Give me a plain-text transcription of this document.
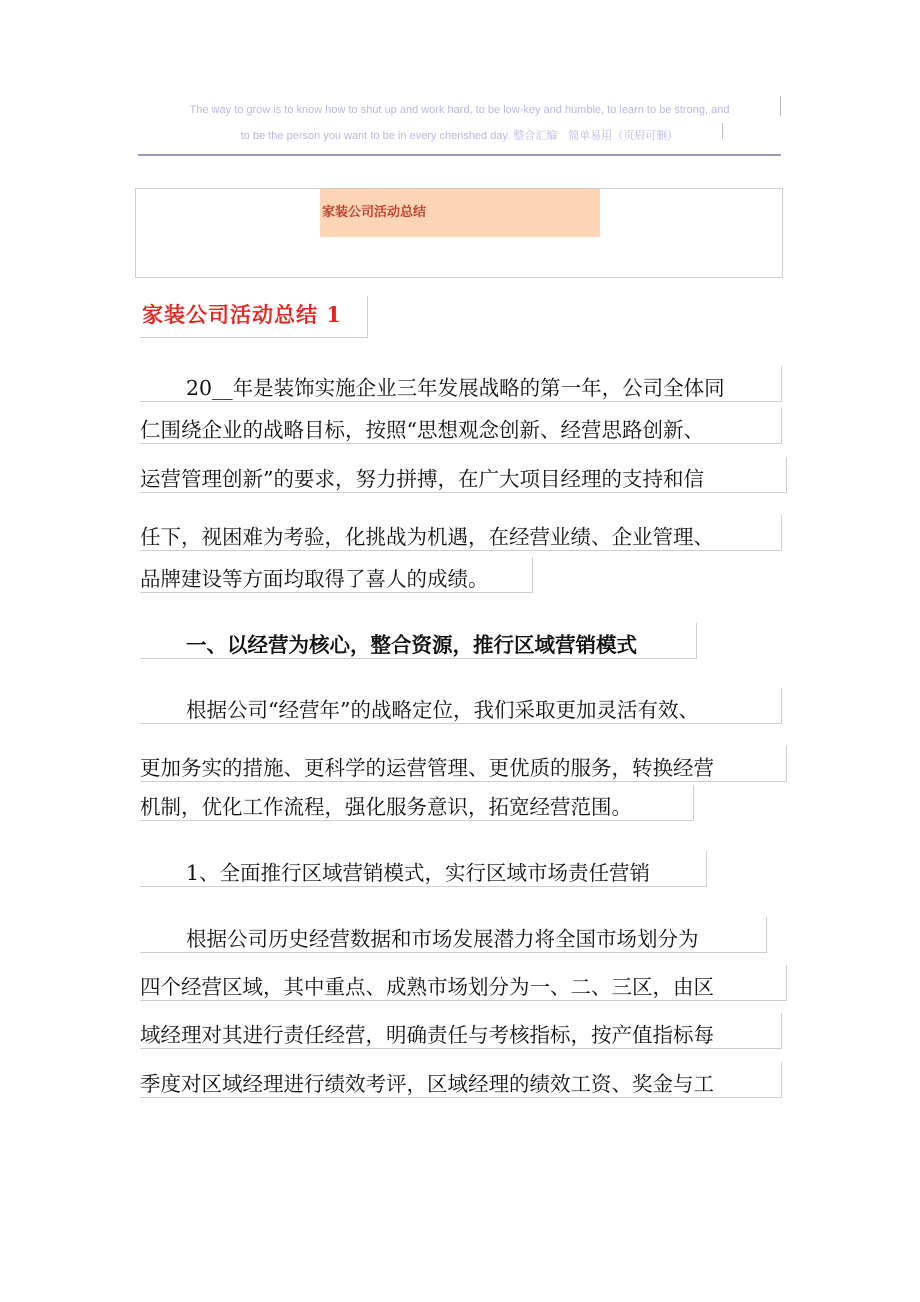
The way to grow is to know how to shut up and work hard, to be low-key and humble, to learn to be strong, and
to be the person you want to be in every cherished day. 整合汇编　简单易用（页眉可删）
家装公司活动总结
家装公司活动总结 1
20__年是装饰实施企业三年发展战略的第一年，公司全体同
仁围绕企业的战略目标，按照“思想观念创新、经营思路创新、
运营管理创新”的要求，努力拼搏，在广大项目经理的支持和信
任下，视困难为考验，化挑战为机遇，在经营业绩、企业管理、
品牌建设等方面均取得了喜人的成绩。
一、以经营为核心，整合资源，推行区域营销模式
根据公司“经营年”的战略定位，我们采取更加灵活有效、
更加务实的措施、更科学的运营管理、更优质的服务，转换经营
机制，优化工作流程，强化服务意识，拓宽经营范围。
1、全面推行区域营销模式，实行区域市场责任营销
根据公司历史经营数据和市场发展潜力将全国市场划分为
四个经营区域，其中重点、成熟市场划分为一、二、三区，由区
域经理对其进行责任经营，明确责任与考核指标，按产值指标每
季度对区域经理进行绩效考评，区域经理的绩效工资、奖金与工
